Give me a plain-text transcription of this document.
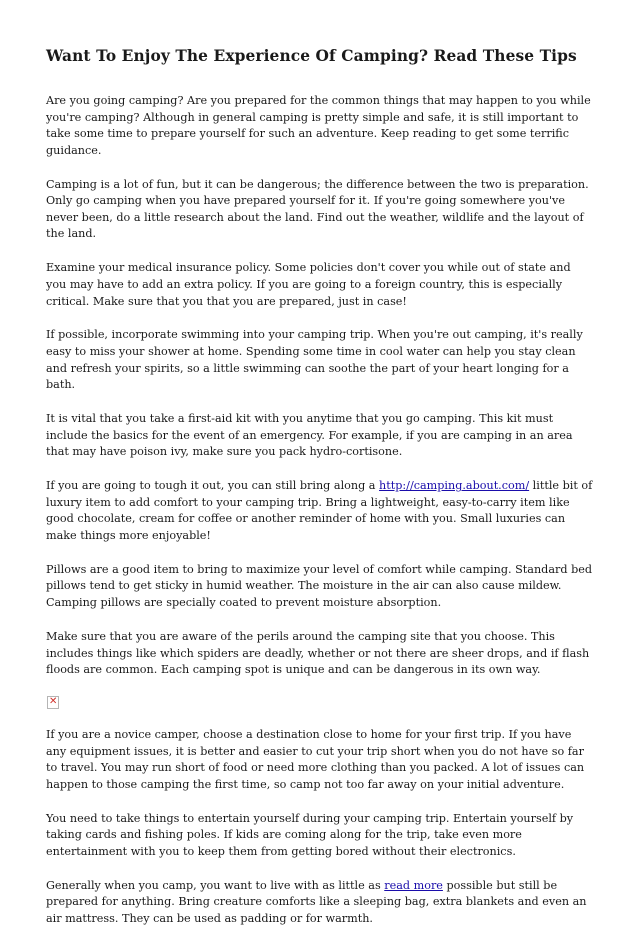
Want To Enjoy The Experience Of Camping? Read These Tips

Are you going camping? Are you prepared for the common things that may happen to you while you're camping? Although in general camping is pretty simple and safe, it is still important to take some time to prepare yourself for such an adventure. Keep reading to get some terrific guidance.

Camping is a lot of fun, but it can be dangerous; the difference between the two is preparation. Only go camping when you have prepared yourself for it. If you're going somewhere you've never been, do a little research about the land. Find out the weather, wildlife and the layout of the land.

Examine your medical insurance policy. Some policies don't cover you while out of state and you may have to add an extra policy. If you are going to a foreign country, this is especially critical. Make sure that you that you are prepared, just in case!

If possible, incorporate swimming into your camping trip. When you're out camping, it's really easy to miss your shower at home. Spending some time in cool water can help you stay clean and refresh your spirits, so a little swimming can soothe the part of your heart longing for a bath.

It is vital that you take a first-aid kit with you anytime that you go camping. This kit must include the basics for the event of an emergency. For example, if you are camping in an area that may have poison ivy, make sure you pack hydro-cortisone.

If you are going to tough it out, you can still bring along a http://camping.about.com/ little bit of luxury item to add comfort to your camping trip. Bring a lightweight, easy-to-carry item like good chocolate, cream for coffee or another reminder of home with you. Small luxuries can make things more enjoyable!

Pillows are a good item to bring to maximize your level of comfort while camping. Standard bed pillows tend to get sticky in humid weather. The moisture in the air can also cause mildew. Camping pillows are specially coated to prevent moisture absorption.

Make sure that you are aware of the perils around the camping site that you choose. This includes things like which spiders are deadly, whether or not there are sheer drops, and if flash floods are common. Each camping spot is unique and can be dangerous in its own way.

✕

If you are a novice camper, choose a destination close to home for your first trip. If you have any equipment issues, it is better and easier to cut your trip short when you do not have so far to travel. You may run short of food or need more clothing than you packed. A lot of issues can happen to those camping the first time, so camp not too far away on your initial adventure.

You need to take things to entertain yourself during your camping trip. Entertain yourself by taking cards and fishing poles. If kids are coming along for the trip, take even more entertainment with you to keep them from getting bored without their electronics.

Generally when you camp, you want to live with as little as read more possible but still be prepared for anything. Bring creature comforts like a sleeping bag, extra blankets and even an air mattress. They can be used as padding or for warmth.
